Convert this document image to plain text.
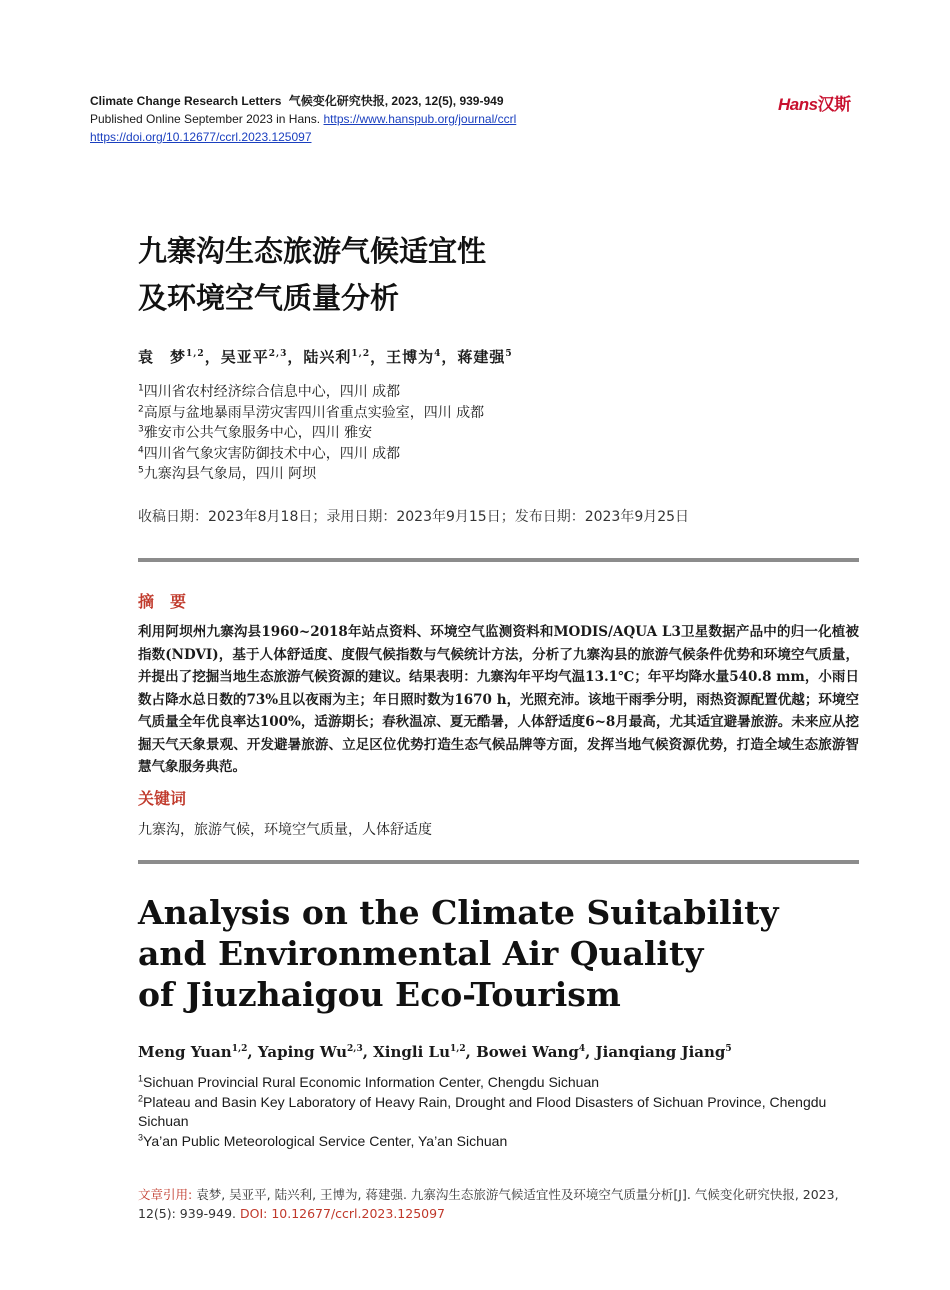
Climate Change Research Letters 气候变化研究快报, 2023, 12(5), 939-949
Published Online September 2023 in Hans. https://www.hanspub.org/journal/ccrl
https://doi.org/10.12677/ccrl.2023.125097
Hans汉斯
九寨沟生态旅游气候适宜性
及环境空气质量分析
袁　梦$^{1,2}$，吴亚平$^{2,3}$，陆兴利$^{1,2}$，王博为$^4$，蒋建强$^5$
$^1$四川省农村经济综合信息中心，四川 成都
$^2$高原与盆地暴雨旱涝灾害四川省重点实验室，四川 成都
$^3$雅安市公共气象服务中心，四川 雅安
$^4$四川省气象灾害防御技术中心，四川 成都
$^5$九寨沟县气象局，四川 阿坝
收稿日期：2023年8月18日；录用日期：2023年9月15日；发布日期：2023年9月25日
摘　要
利用阿坝州九寨沟县1960~2018年站点资料、环境空气监测资料和MODIS/AQUA L3卫星数据产品中的归一化植被指数(NDVI)，基于人体舒适度、度假气候指数与气候统计方法，分析了九寨沟县的旅游气候条件优势和环境空气质量，并提出了挖掘当地生态旅游气候资源的建议。结果表明：九寨沟年平均气温13.1℃；年平均降水量540.8 mm，小雨日数占降水总日数的73%且以夜雨为主；年日照时数为1670 h，光照充沛。该地干雨季分明，雨热资源配置优越；环境空气质量全年优良率达100%，适游期长；春秋温凉、夏无酷暑，人体舒适度6~8月最高，尤其适宜避暑旅游。未来应从挖掘天气天象景观、开发避暑旅游、立足区位优势打造生态气候品牌等方面，发挥当地气候资源优势，打造全域生态旅游智慧气象服务典范。
关键词
九寨沟，旅游气候，环境空气质量，人体舒适度
Analysis on the Climate Suitability
and Environmental Air Quality
of Jiuzhaigou Eco-Tourism
Meng Yuan$^{1,2}$, Yaping Wu$^{2,3}$, Xingli Lu$^{1,2}$, Bowei Wang$^4$, Jianqiang Jiang$^5$
$^1$Sichuan Provincial Rural Economic Information Center, Chengdu Sichuan
$^2$Plateau and Basin Key Laboratory of Heavy Rain, Drought and Flood Disasters of Sichuan Province, Chengdu Sichuan
$^3$Ya’an Public Meteorological Service Center, Ya’an Sichuan
文章引用: 袁梦, 吴亚平, 陆兴利, 王博为, 蒋建强. 九寨沟生态旅游气候适宜性及环境空气质量分析[J]. 气候变化研究快报, 2023, 12(5): 939-949. DOI: 10.12677/ccrl.2023.125097
